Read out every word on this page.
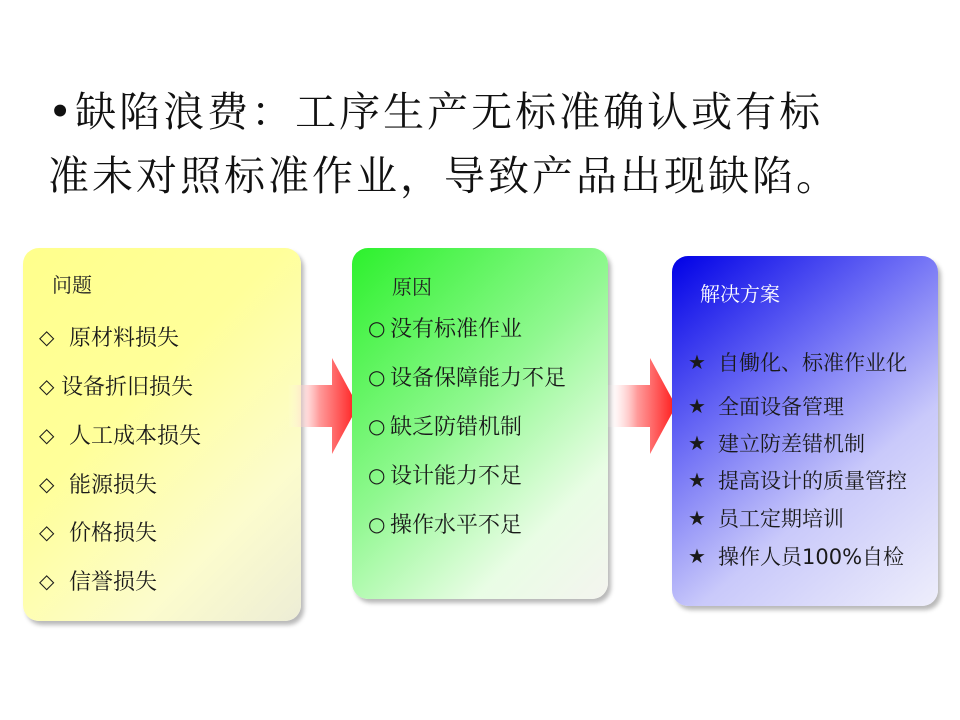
•缺陷浪费：工序生产无标准确认或有标
准未对照标准作业，导致产品出现缺陷。
问题
◇ 原材料损失
◇ 设备折旧损失
◇ 人工成本损失
◇ 能源损失
◇ 价格损失
◇ 信誉损失
原因
○ 没有标准作业
○ 设备保障能力不足
○ 缺乏防错机制
○ 设计能力不足
○ 操作水平不足
解决方案
★ 自働化、标准作业化
★ 全面设备管理
★ 建立防差错机制
★ 提高设计的质量管控
★ 员工定期培训
★ 操作人员100%自检
